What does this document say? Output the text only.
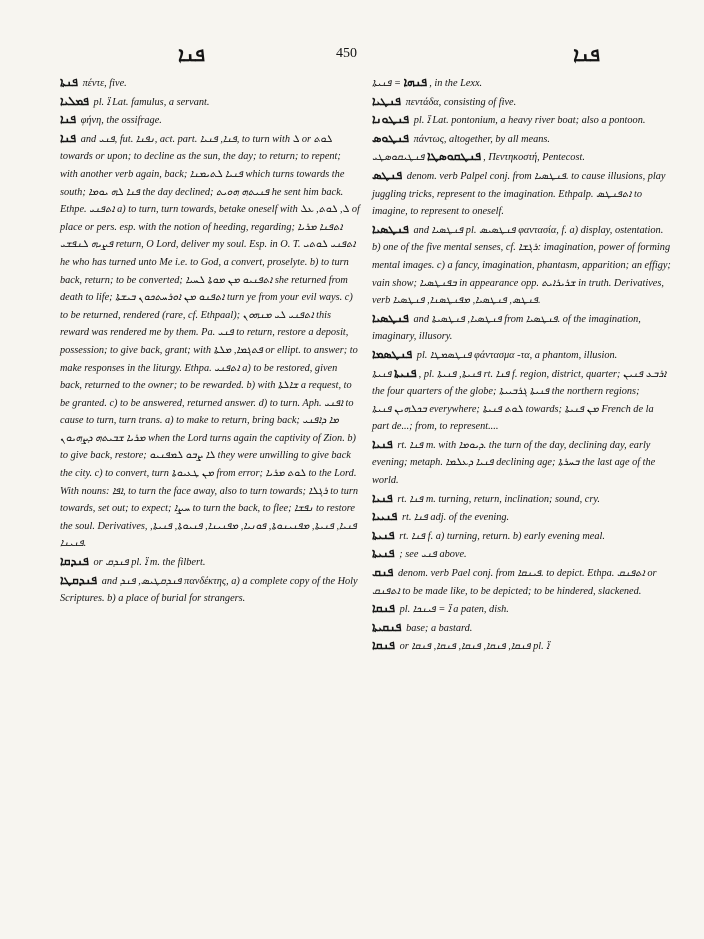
ܦܢܐ	450	ܦܢܐ
ܦܢܬܐ πέντε, five.
ܦܡܠܝܐ pl. ܐ̈ Lat. famulus, a servant.
ܦܢܐ φήνη, the ossifrage.
ܦܢܐ and ܦܢܝ, fut. ܢܦܢܐ, act. part. ܦܢܐ, ܦܢܝܐ, to turn with ܠ or ܠܘܬ towards or upon; to decline as the sun, the day; to return; to repent; with another verb again, back; ܦܢܝܐ ܠܬܝܡܢܐ which turns towards the south; ܦܢܐ ܠܗ ܝܘܡܐ the day declined; ܦܢܝܬܗ ܗܘܝܬ he sent him back. Ethpe. ܐܬܦܢܝ a) to turn, turn towards, betake oneself with ܠ, ܠܘܬ, ܥܠ of place or pers. esp. with the notion of heeding, regarding; ܐܬܦܢܐ ܡܪܝܐ ܦܨܝܗ ܠܢܦܫܝ return, O Lord, deliver my soul. Esp. in O. T. ܐܬܦܢܝ ܠܘܬܝ he who has turned unto Me i.e. to God, a convert, proselyte. b) to turn back, return; to be converted; ܐܬܦܢܝܘ ܡܢ ܡܘܬܐ ܠܚܝܐ she returned from death to life; ܐܬܦܢܘ ܡܢ ܐܘܪܚܬܟܘܢ ܒܝܫܬܐ turn ye from your evil ways. c) to be returned, rendered (rare, cf. Ethpaal); ܐܬܦܢܝ ܠܝ ܡܢܗܘܢ this reward was rendered me by them. Pa. ܦܢܝ to return, restore a deposit, possession; to give back, grant; with ܦܬܓܡܐ, ܡܠܬܐ or ellipt. to answer; to make responses in the liturgy. Ethpa. ܐܬܦܢܝ a) to be restored, given back, returned to the owner; to be rewarded. b) with ܫܐܠܬܐ a request, to be granted. c) to be answered, returned answer. d) to turn. Aph. ܐܦܢܝ to cause to turn, turn trans. a) to make to return, bring back; ܡܐ ܕܐܦܢܝ ܡܪܝܐ ܫܒܝܬܗ ܕܨܗܝܘܢ when the Lord turns again the captivity of Zion. b) to give back, restore; ܠܐ ܨܒܘ ܠܡܦܢܝܘ they were unwilling to give back the city. c) to convert, turn ܡܢ ܛܥܝܘܬܐ from error; ܠܘܬ ܡܪܝܐ to the Lord. With nouns: ܐܦܐ, to turn the face away, also to turn towards; ܪܓܠܐ to turn towards, set out; to expect; ܚܨܐ to turn the back, to flee; ܢܦܫܐ to restore the soul. Derivatives, ܦܢܝܐ, ܦܢܝܬܐ, ܡܦܢܝܢܘܬܐ, ܦܘܢܝܐ, ܡܦܢܝܢܐ, ܦܢܝܘܬܐ, ܦܢܝܬܐ, ܦܢܝܢܐ.
ܦܢܕܩܐ or ܦܢܕܩ pl. ܐ̈ m. the filbert.
ܦܢܕܩܛܐ and ܦܢܕܩܛܝܣ, ܦܢܕ πανδέκτης, a) a complete copy of the Holy Scriptures. b) a place of burial for strangers.
ܦܢܗܐ = ܦܢܝܬܐ, in the Lexx.
ܦܢܛܝܐ πεντάδα, consisting of five.
ܦܢܛܘܢܐ pl. ܐ̈ Lat. pontonium, a heavy river boat; also a pontoon.
ܦܢܛܘܣ πάντως, altogether, by all means.
ܦܢܛܩܘܣܛܐ ܦܢܛܝܩܘܣܛܝ, Πεντηκοστή, Pentecost.
ܦܢܛܣ denom. verb Palpel conj. from ܦܢܛܣܝܐ. to cause illusions, play juggling tricks, represent to the imagination. Ethpalp. ܐܬܦܢܛܣ to imagine, to represent to oneself.
ܦܢܛܣܝܐ and ܦܢܛܣܝܐ pl. ܦܢܛܣܝܣ φαντασία, f. a) display, ostentation. b) one of the five mental senses, cf. ܪܓܫܐ: imagination, power of forming mental images. c) a fancy, imagination, phantasm, apparition; an effigy; vain show; ܒܦܢܛܣܝܐ in appearance opp. ܫܪܝܪܐܝܬ in truth. Derivatives, verb ܦܢܛܣ, ܦܢܛܣܝܐ, ܡܦܢܛܣܢܐ, ܦܢܛܣܝܐ.
ܦܢܛܣܝܐ and ܦܢܛܣܝܐ, ܦܢܛܣܝܬܐ from ܦܢܛܣܝܐ. of the imagination, imaginary, illusory.
ܦܢܛܣܡܐ pl. ܦܢܛܣܡܛܐ φάντασμα -τα, a phantom, illusion.
ܦܢܝܬܐ ܦܢܝܬܐ, pl. ܦܢܝܬܐ, ܦܢܝܬܐ rt. ܦܢܐ f. region, district, quarter; ܐܪܒܥ ܦܢܝܢ the four quarters of the globe; ܦܢܝܬܐ ܓܪܒܝܝܬܐ the northern regions; ܒܟܠܗܝܢ ܦܢܝܬܐ everywhere; ܠܘܬ ܦܢܝܬܐ towards; ܡܢ ܦܢܝܬܐ French de la part de...; from, to represent....
ܦܢܝܐ rt. ܦܢܐ m. with ܕܝܘܡܐ. the turn of the day, declining day, early evening; metaph. ܦܢܝܐ ܕܥܠܡܐ declining age; ܒܚܪܬܐ the last age of the world.
ܦܢܝܐ rt. ܦܢܐ m. turning, return, inclination; sound, cry.
ܦܢܝܝܐ rt. ܦܢܐ adj. of the evening.
ܦܢܝܬܐ rt. ܦܢܐ f. a) turning, return. b) early evening meal.
ܦܢܝܬܐ ; see ܦܢܝ above.
ܦܢܩ denom. verb Pael conj. from ܦܝܢܩܐ. to depict. Ethpa. ܐܬܦܢܩ or ܐܬܦܢܩ to be made like, to be depicted; to be hindered, slackened.
ܦܢܩܐ pl. ܐ̈ = ܦܝܢܟܐ a paten, dish.
ܦܢܩܝܬܐ base; a bastard.
ܦܢܩܐ or ܦܢܩܐ, ܦܢܩܐ, ܦܢܩܐ, ܦܢܩܐ, ܦܢܩܐ pl. ܐ̈
